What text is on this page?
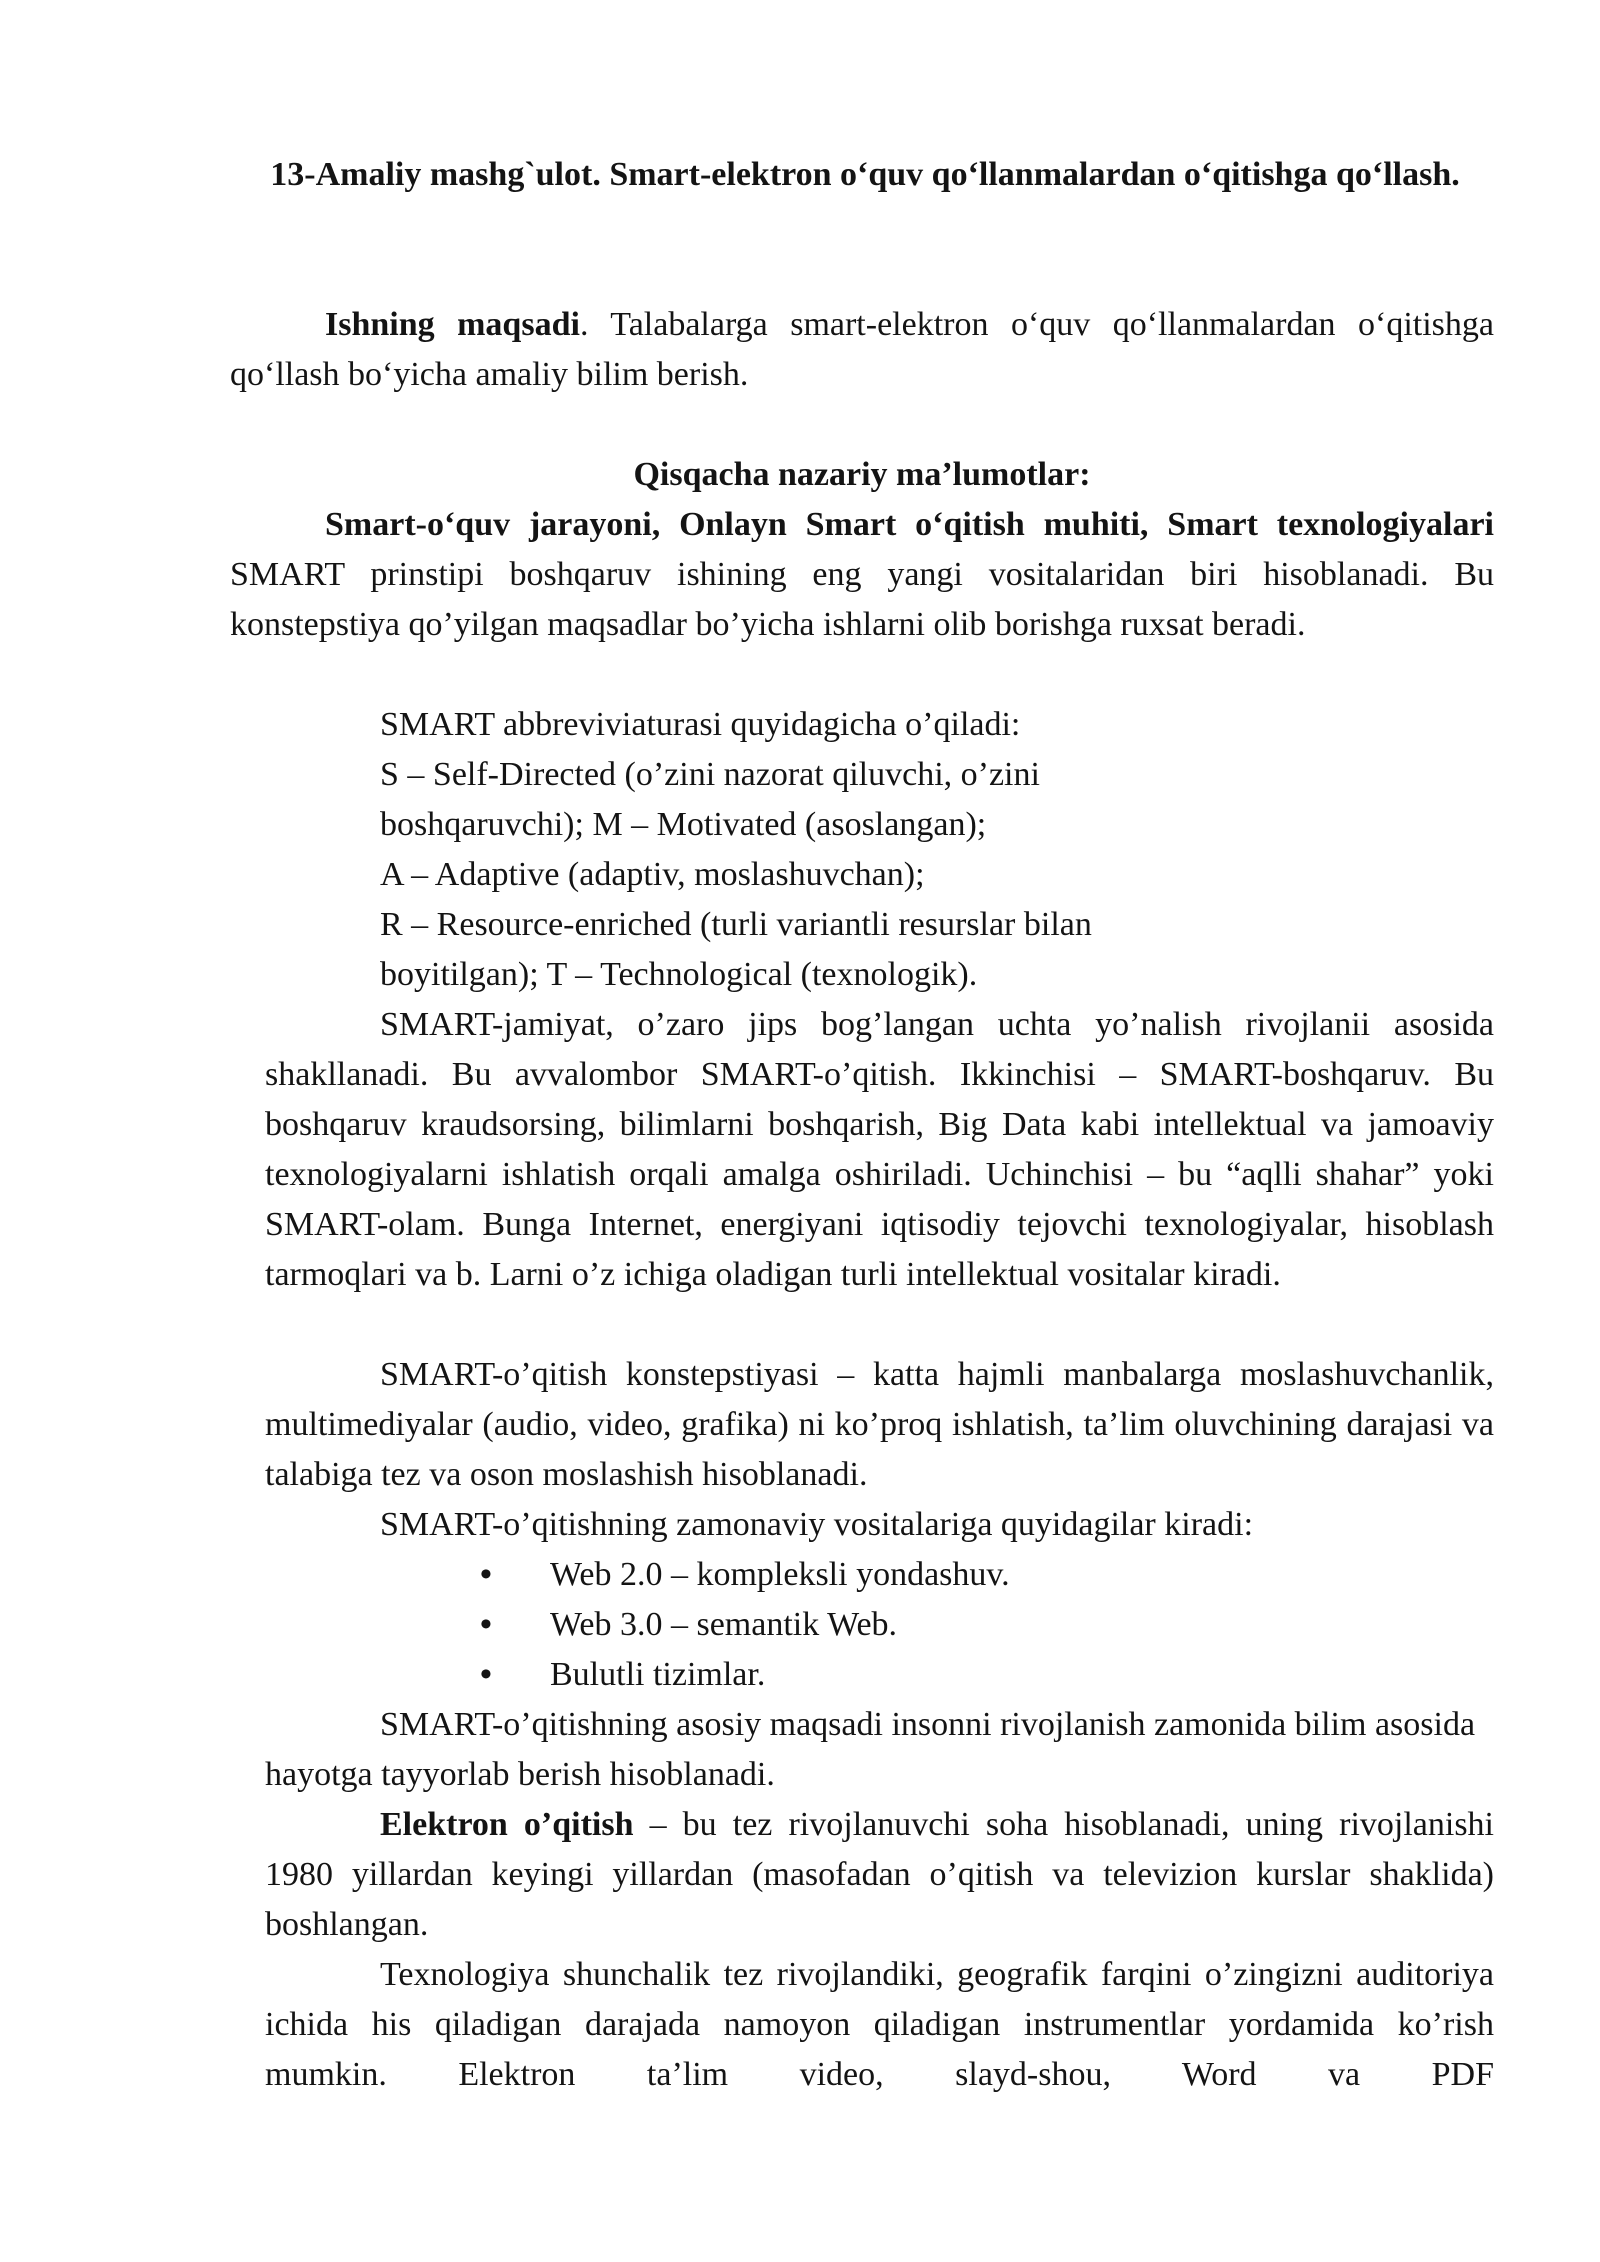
13-Amaliy mashg`ulot. Smart-elektron o‘quv qo‘llanmalardan o‘qitishga qo‘llash.

Ishning maqsadi. Talabalarga smart-elektron o‘quv qo‘llanmalardan o‘qitishga qo‘llash bo‘yicha amaliy bilim berish.

Qisqacha nazariy ma’lumotlar:

Smart-o‘quv jarayoni, Onlayn Smart o‘qitish muhiti, Smart texnologiyalari SMART prinstipi boshqaruv ishining eng yangi vositalaridan biri hisoblanadi. Bu konstepstiya qo’yilgan maqsadlar bo’yicha ishlarni olib borishga ruxsat beradi.

SMART abbreviviaturasi quyidagicha o’qiladi:
S – Self-Directed (o’zini nazorat qiluvchi, o’zini
boshqaruvchi); M – Motivated (asoslangan);
A – Adaptive (adaptiv, moslashuvchan);
R – Resource-enriched (turli variantli resurslar bilan
boyitilgan); T – Technological (texnologik).

SMART-jamiyat, o’zaro jips bog’langan uchta yo’nalish rivojlanii asosida shakllanadi. Bu avvalombor SMART-o’qitish. Ikkinchisi – SMART-boshqaruv. Bu boshqaruv kraudsorsing, bilimlarni boshqarish, Big Data kabi intellektual va jamoaviy texnologiyalarni ishlatish orqali amalga oshiriladi. Uchinchisi – bu “aqlli shahar” yoki SMART-olam. Bunga Internet, energiyani iqtisodiy tejovchi texnologiyalar, hisoblash tarmoqlari va b. Larni o’z ichiga oladigan turli intellektual vositalar kiradi.

SMART-o’qitish konstepstiyasi – katta hajmli manbalarga moslashuvchanlik, multimediyalar (audio, video, grafika) ni ko’proq ishlatish, ta’lim oluvchining darajasi va talabiga tez va oson moslashish hisoblanadi.

SMART-o’qitishning zamonaviy vositalariga quyidagilar kiradi:

• Web 2.0 – kompleksli yondashuv.
• Web 3.0 – semantik Web.
• Bulutli tizimlar.

SMART-o’qitishning asosiy maqsadi insonni rivojlanish zamonida bilim asosida hayotga tayyorlab berish hisoblanadi.

Elektron o’qitish – bu tez rivojlanuvchi soha hisoblanadi, uning rivojlanishi 1980 yillardan keyingi yillardan (masofadan o’qitish va televizion kurslar shaklida) boshlangan.

Texnologiya shunchalik tez rivojlandiki, geografik farqini o’zingizni auditoriya ichida his qiladigan darajada namoyon qiladigan instrumentlar yordamida ko’rish mumkin. Elektron ta’lim video, slayd-shou, Word va PDF
